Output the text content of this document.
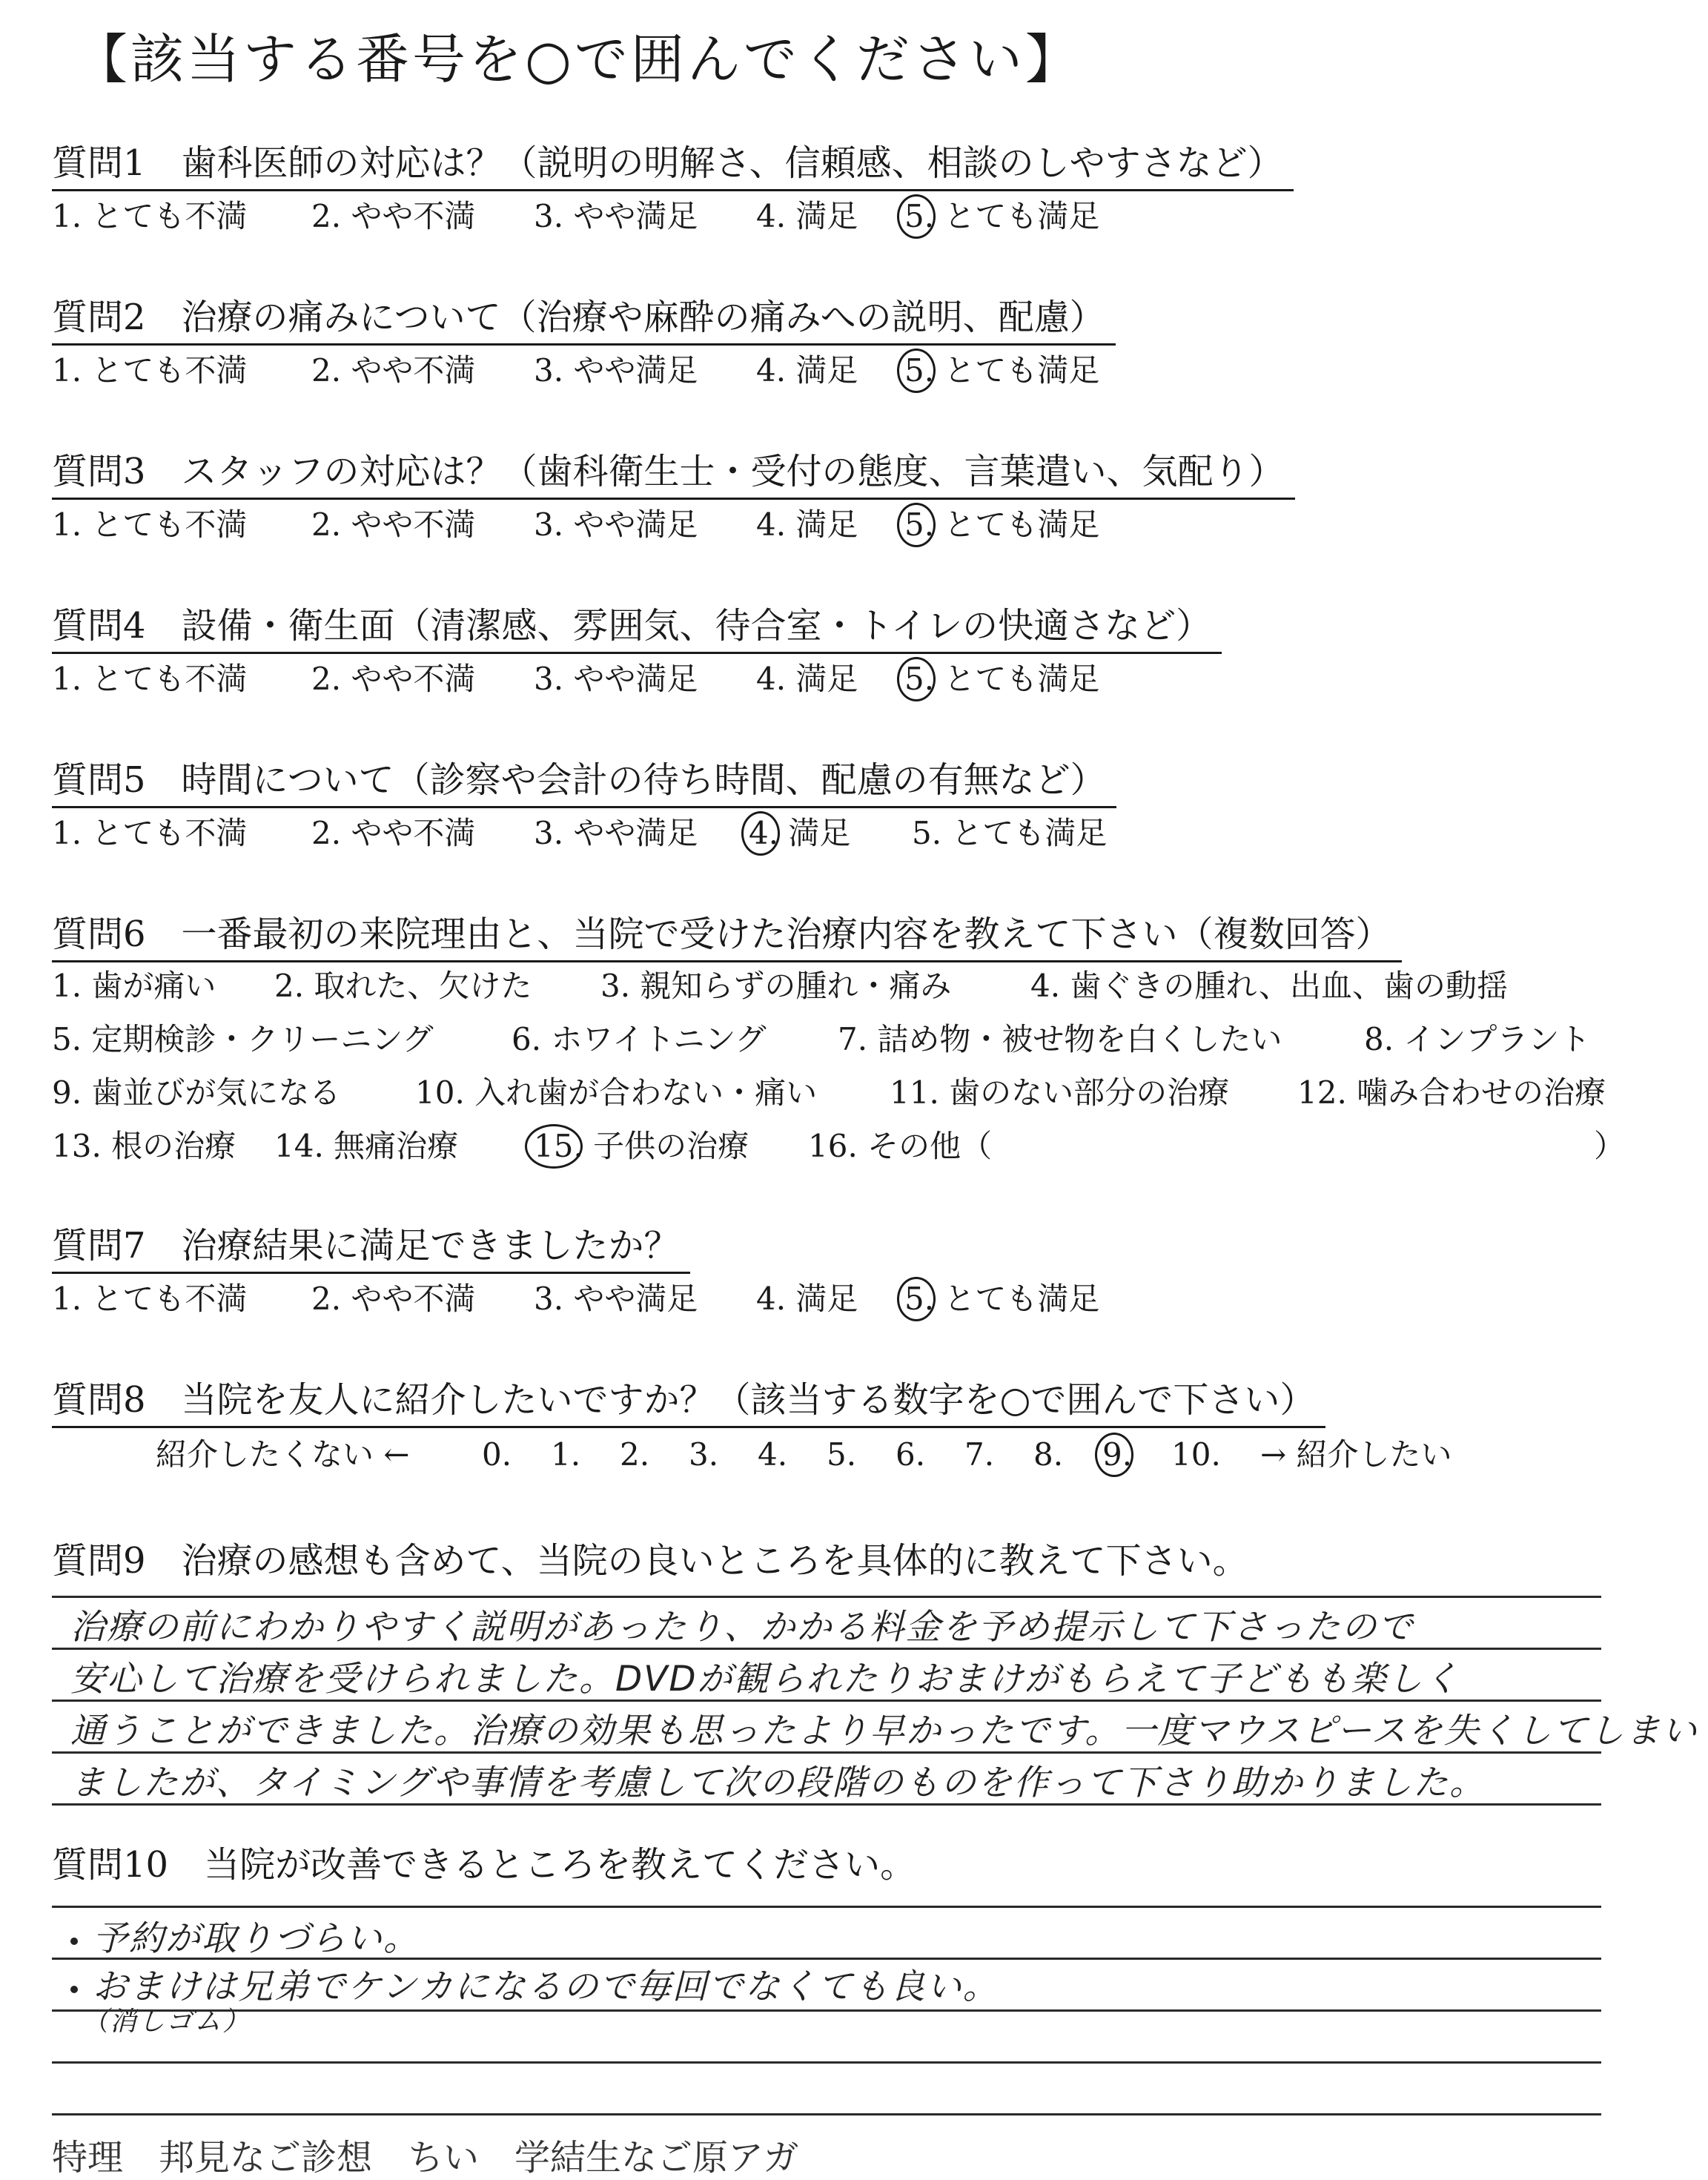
【該当する番号を○で囲んでください】
質問1　歯科医師の対応は？（説明の明解さ、信頼感、相談のしやすさなど）
1. とても不満 2. やや不満 3. やや満足 4. 満足 5. とても満足
質問2　治療の痛みについて（治療や麻酔の痛みへの説明、配慮）
1. とても不満 2. やや不満 3. やや満足 4. 満足 5. とても満足
質問3　スタッフの対応は？（歯科衛生士・受付の態度、言葉遣い、気配り）
1. とても不満 2. やや不満 3. やや満足 4. 満足 5. とても満足
質問4　設備・衛生面（清潔感、雰囲気、待合室・トイレの快適さなど）
1. とても不満 2. やや不満 3. やや満足 4. 満足 5. とても満足
質問5　時間について（診察や会計の待ち時間、配慮の有無など）
1. とても不満 2. やや不満 3. やや満足 4. 満足 5. とても満足
質問6　一番最初の来院理由と、当院で受けた治療内容を教えて下さい（複数回答）
1. 歯が痛い 2. 取れた、欠けた 3. 親知らずの腫れ・痛み	4. 歯ぐきの腫れ、出血、歯の動揺
5. 定期検診・クリーニング	6. ホワイトニング 7. 詰め物・被せ物を白くしたい	8. インプラント
9. 歯並びが気になる 10. 入れ歯が合わない・痛い 11. 歯のない部分の治療 12. 噛み合わせの治療
13. 根の治療 14. 無痛治療 15. 子供の治療 16. その他（	）
質問7　治療結果に満足できましたか？
1. とても不満 2. やや不満 3. やや満足 4. 満足 5. とても満足
質問8　当院を友人に紹介したいですか？（該当する数字を○で囲んで下さい）
紹介したくない ← 0. 1. 2. 3. 4. 5. 6. 7. 8. 9. 10. → 紹介したい
質問9　治療の感想も含めて、当院の良いところを具体的に教えて下さい。
治療の前にわかりやすく説明があったり、かかる料金を予め提示して下さったので
安心して治療を受けられました。DVDが観られたりおまけがもらえて子どもも楽しく
通うことができました。治療の効果も思ったより早かったです。一度マウスピースを失くしてしまい
ましたが、タイミングや事情を考慮して次の段階のものを作って下さり助かりました。
質問10　当院が改善できるところを教えてください。
予約が取りづらい。
おまけは兄弟でケンカになるので毎回でなくても良い。
（消しゴム）
特理　邦見なご診想　ちい　学結生なご原アガ
